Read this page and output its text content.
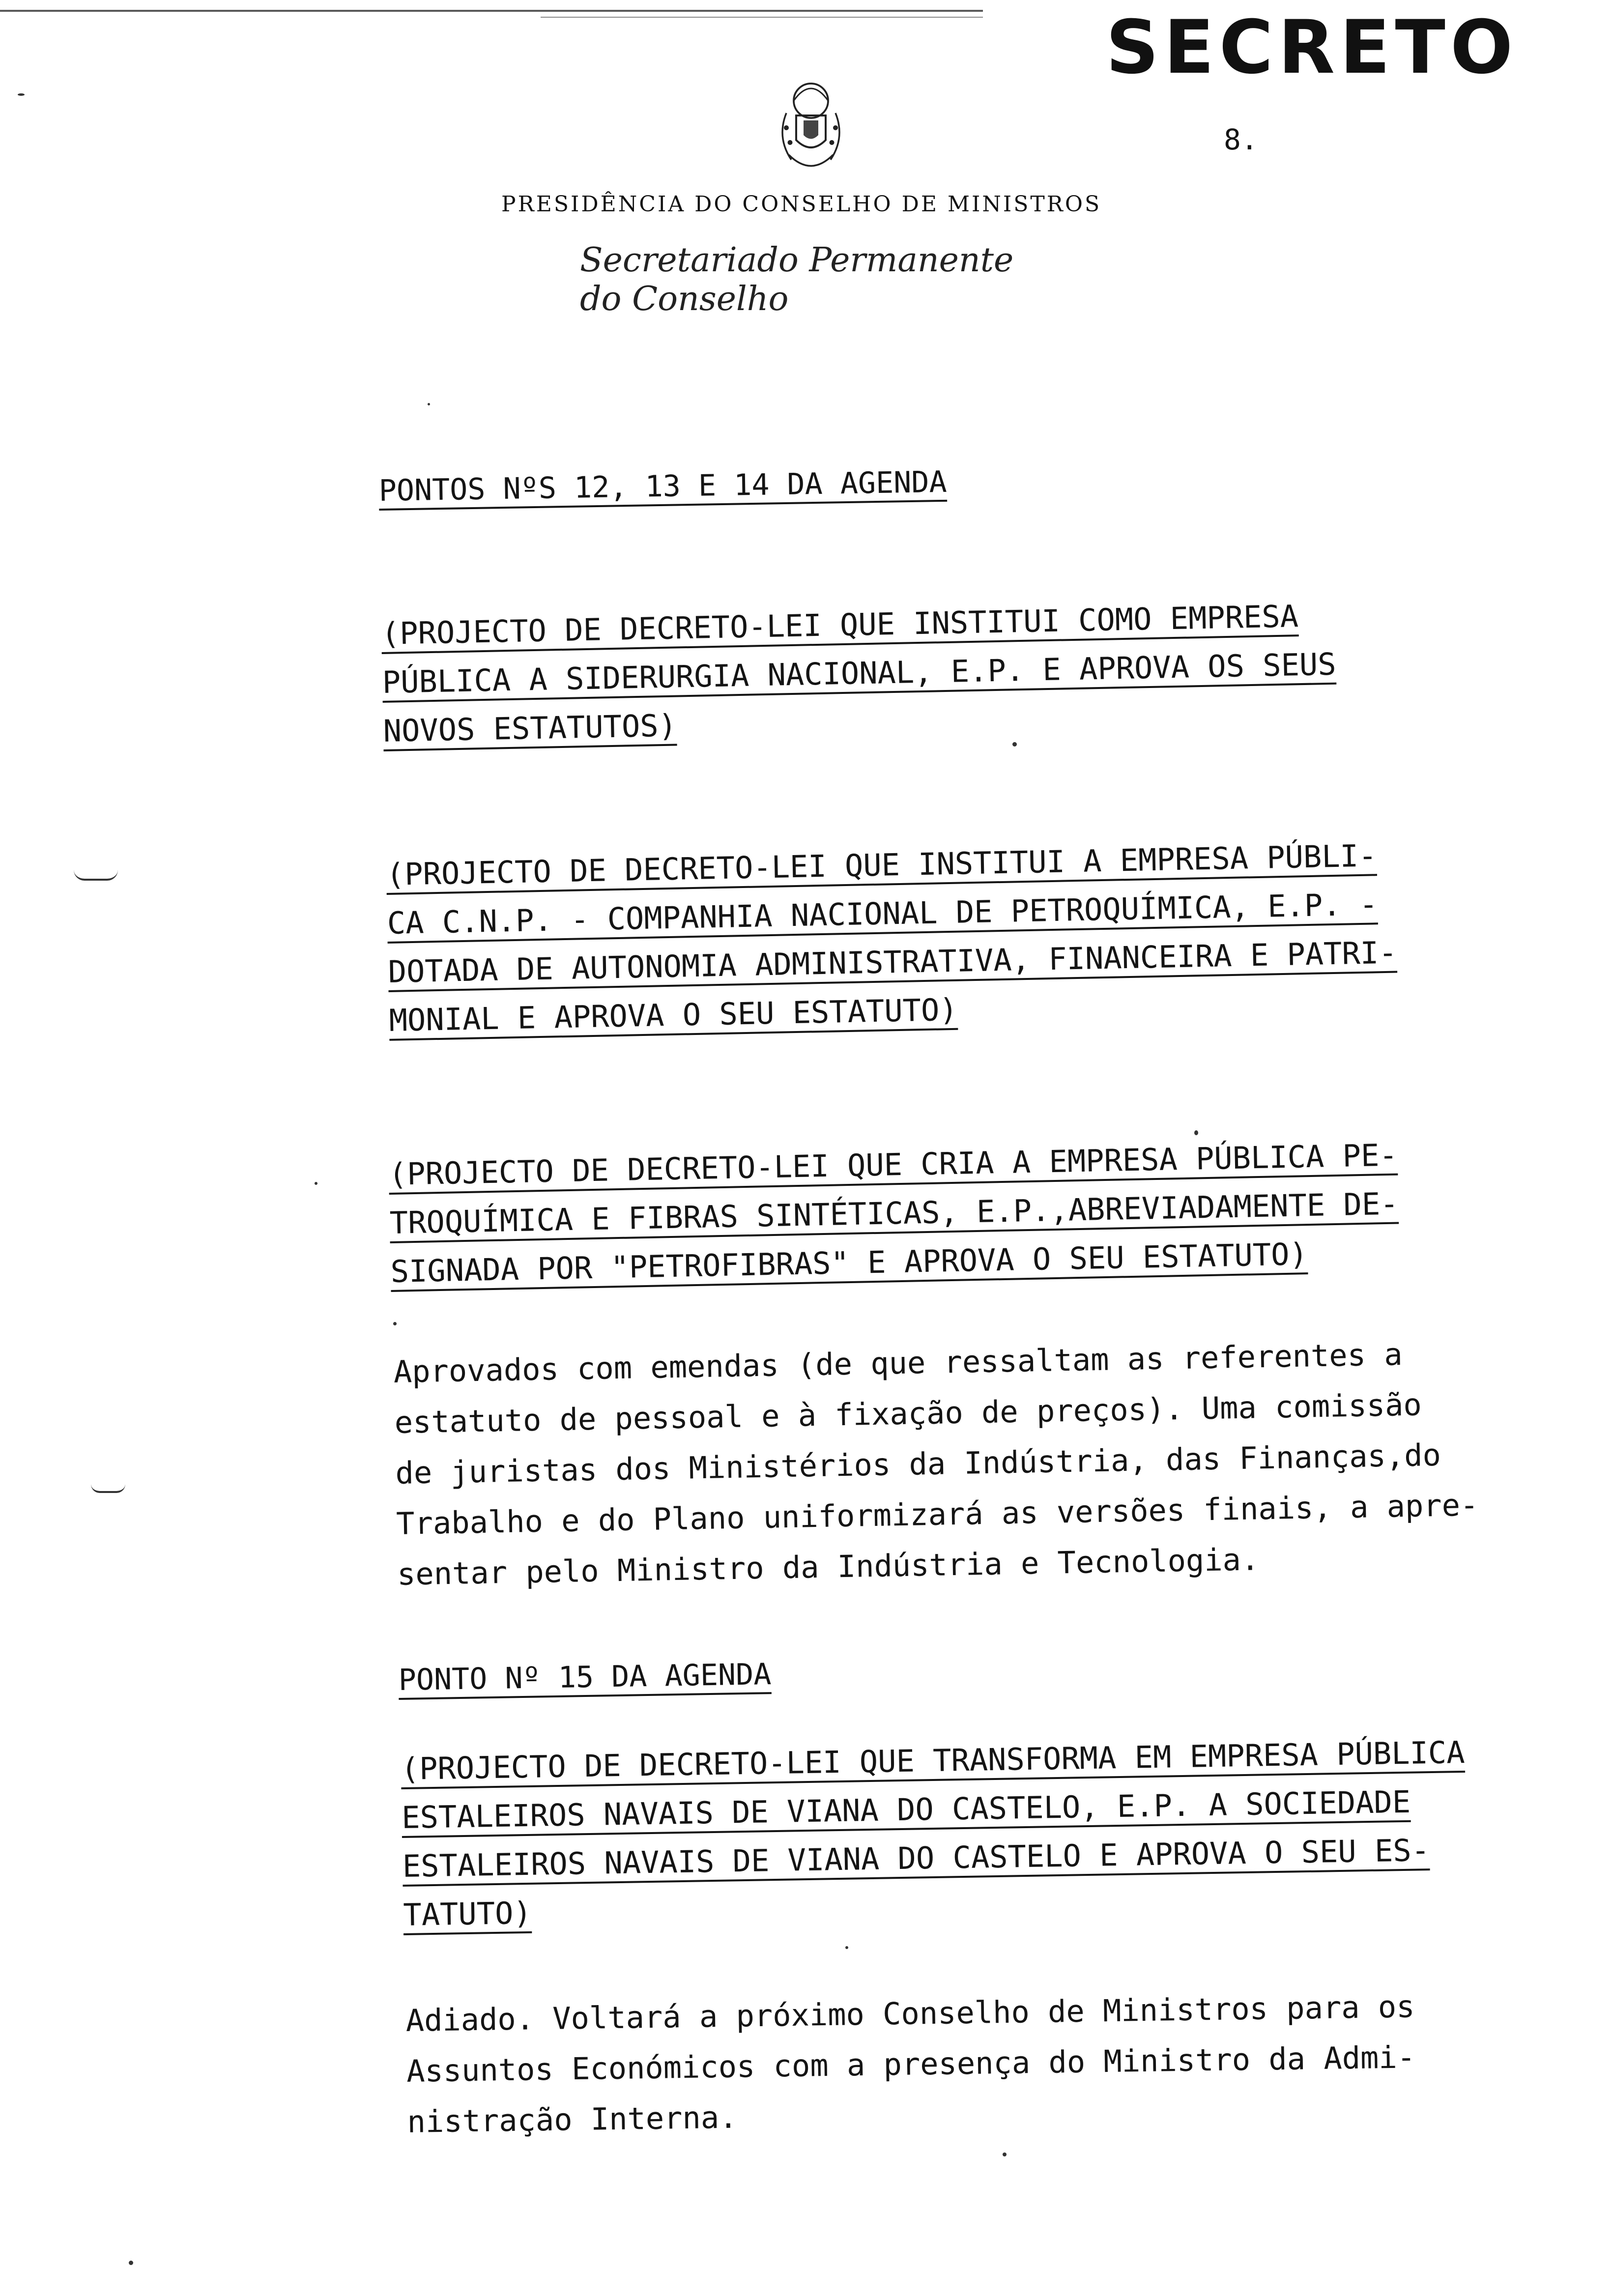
SECRETO
8.
PRESIDÊNCIA DO CONSELHO DE MINISTROS
Secretariado Permanente do Conselho
PONTOS NºS 12, 13 E 14 DA AGENDA
(PROJECTO DE DECRETO-LEI QUE INSTITUI COMO EMPRESA
PÚBLICA A SIDERURGIA NACIONAL, E.P. E APROVA OS SEUS
NOVOS ESTATUTOS)
(PROJECTO DE DECRETO-LEI QUE INSTITUI A EMPRESA PÚBLI-
CA C.N.P. - COMPANHIA NACIONAL DE PETROQUÍMICA, E.P. -
DOTADA DE AUTONOMIA ADMINISTRATIVA, FINANCEIRA E PATRI-
MONIAL E APROVA O SEU ESTATUTO)
(PROJECTO DE DECRETO-LEI QUE CRIA A EMPRESA PÚBLICA PE-
TROQUÍMICA E FIBRAS SINTÉTICAS, E.P.,ABREVIADAMENTE DE-
SIGNADA POR "PETROFIBRAS" E APROVA O SEU ESTATUTO)
Aprovados com emendas (de que ressaltam as referentes a
estatuto de pessoal e à fixação de preços). Uma comissão
de juristas dos Ministérios da Indústria, das Finanças,do
Trabalho e do Plano uniformizará as versões finais, a apre-
sentar pelo Ministro da Indústria e Tecnologia.
PONTO Nº 15 DA AGENDA
(PROJECTO DE DECRETO-LEI QUE TRANSFORMA EM EMPRESA PÚBLICA
ESTALEIROS NAVAIS DE VIANA DO CASTELO, E.P. A SOCIEDADE
ESTALEIROS NAVAIS DE VIANA DO CASTELO E APROVA O SEU ES-
TATUTO)
Adiado. Voltará a próximo Conselho de Ministros para os
Assuntos Económicos com a presença do Ministro da Admi-
nistração Interna.
